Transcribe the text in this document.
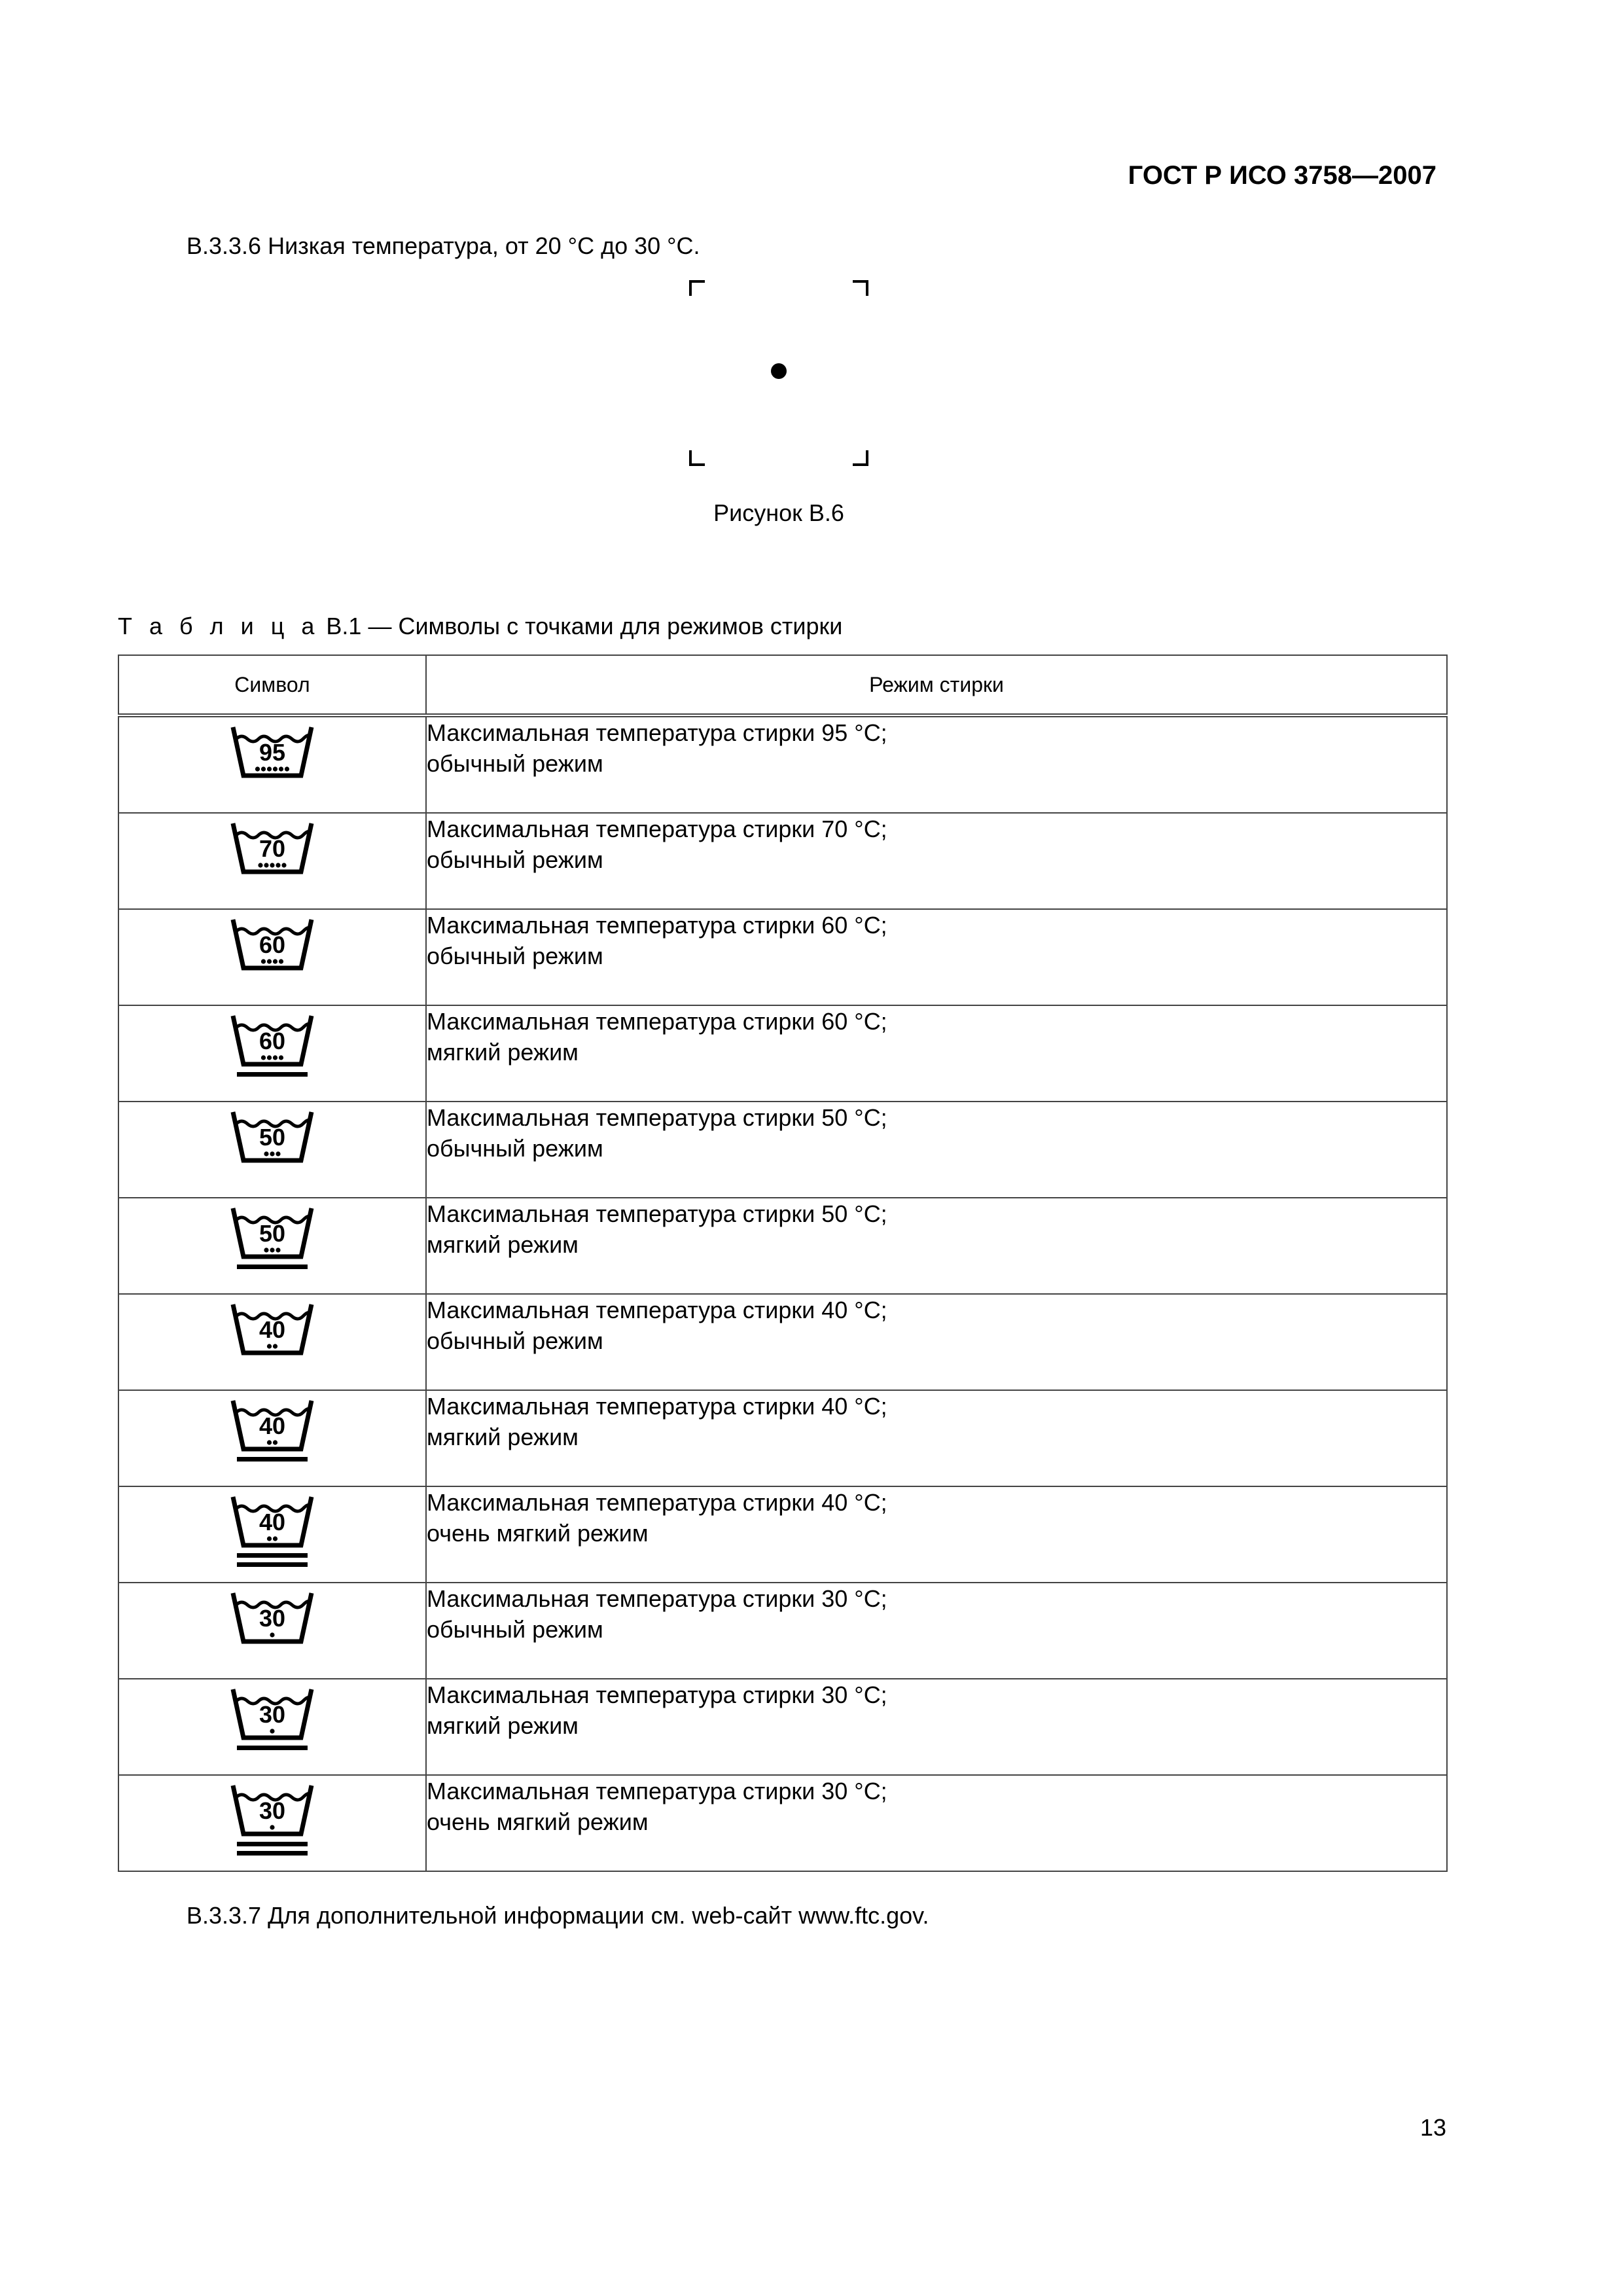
ГОСТ Р ИСО 3758—2007
B.3.3.6 Низкая температура, от 20 °C до 30 °C.
Рисунок B.6
Т а б л и ц а B.1 — Символы с точками для режимов стирки
Символ	Режим стирки

95	Максимальная температура стирки 95 °C;
обычный режим

70	Максимальная температура стирки 70 °C;
обычный режим

60	Максимальная температура стирки 60 °C;
обычный режим

60	Максимальная температура стирки 60 °C;
мягкий режим

50	Максимальная температура стирки 50 °C;
обычный режим

50	Максимальная температура стирки 50 °C;
мягкий режим

40	Максимальная температура стирки 40 °C;
обычный режим

40	Максимальная температура стирки 40 °C;
мягкий режим

40	Максимальная температура стирки 40 °C;
очень мягкий режим

30	Максимальная температура стирки 30 °C;
обычный режим

30	Максимальная температура стирки 30 °C;
мягкий режим

30	Максимальная температура стирки 30 °C;
очень мягкий режим
B.3.3.7 Для дополнительной информации см. web-сайт www.ftc.gov.
13
